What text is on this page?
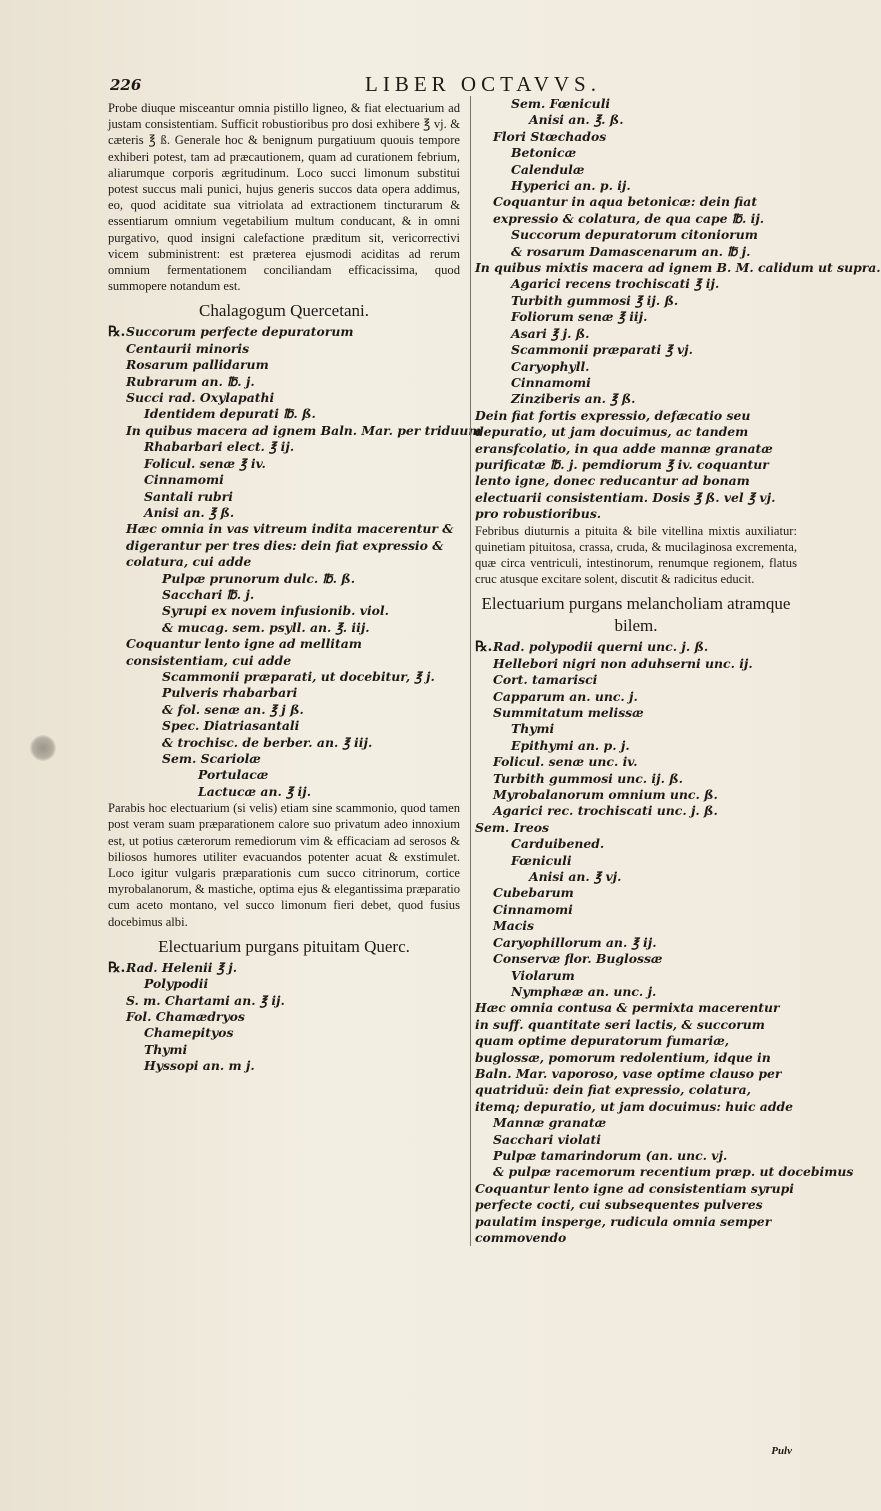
226	LIBER OCTAVVS.
Probe diuque misceantur omnia pistillo ligneo, & fiat electuarium ad justam consistentiam. Sufficit robustioribus pro dosi exhibere ℥ vj. & cæteris ℥ ß. Generale hoc & benignum purgatiuum quouis tempore exhiberi potest, tam ad præcautionem, quam ad curationem febrium, aliarumque corporis ægritudinum. Loco succi limonum substitui potest succus mali punici, hujus generis succos data opera addimus, eo, quod aciditate sua vitriolata ad extractionem tincturarum & essentiarum omnium vegetabilium multum conducant, & in omni purgativo, quod insigni calefactione præditum sit, vericorrectivi vicem subministrent: est præterea ejusmodi aciditas ad rerum omnium fermentationem conciliandam efficacissima, quod summopere notandum est.
Chalagogum Quercetani.
℞.Succorum perfecte depuratorum
Centaurii minoris
Rosarum pallidarum
Rubrarum an. ℔. j.
Succi rad. Oxylapathi
Identidem depurati ℔. ß.
In quibus macera ad ignem Baln. Mar. per triduum
Rhabarbari elect. ℥ ij.
Folicul. senæ ℥ iv.
Cinnamomi
Santali rubri
Anisi an. ℥ ß.
Hæc omnia in vas vitreum indita macerentur & digerantur per tres dies: dein fiat expressio & colatura, cui adde
Pulpæ prunorum dulc. ℔. ß.
Sacchari ℔. j.
Syrupi ex novem infusionib. viol.
& mucag. sem. psyll. an. ℥. iij.
Coquantur lento igne ad mellitam consistentiam, cui adde
Scammonii præparati, ut docebitur, ℥ j.
Pulveris rhabarbari
& fol. senæ an. ℥ j ß.
Spec. Diatriasantali
& trochisc. de berber. an. ℥ iij.
Sem. Scariolæ
Portulacæ
Lactucæ an. ℥ ij.
Parabis hoc electuarium (si velis) etiam sine scammonio, quod tamen post veram suam præparationem calore suo privatum adeo innoxium est, ut potius cæterorum remediorum vim & efficaciam ad serosos & biliosos humores utiliter evacuandos potenter acuat & exstimulet. Loco igitur vulgaris præparationis cum succo citrinorum, cortice myrobalanorum, & mastiche, optima ejus & elegantissima præparatio cum aceto montano, vel succo limonum fieri debet, quod fusius docebimus albi.
Electuarium purgans pituitam Querc.
℞.Rad. Helenii ℥ j.
Polypodii
S. m. Chartami an. ℥ ij.
Fol. Chamædryos
Chamepityos
Thymi
Hyssopi an. m j.
Sem. Fœniculi
Anisi an. ℥. ß.
Flori Stœchados
Betonicæ
Calendulæ
Hyperici an. p. ij.
Coquantur in aqua betonicæ: dein fiat expressio & colatura, de qua cape ℔. ij.
Succorum depuratorum citoniorum
& rosarum Damascenarum an. ℔ j.
In quibus mixtis macera ad ignem B. M. calidum ut supra.
Agarici recens trochiscati ℥ ij.
Turbith gummosi ℥ ij. ß.
Foliorum senæ ℥ iij.
Asari ℥ j. ß.
Scammonii præparati ℥ vj.
Caryophyll.
Cinnamomi
Zinziberis an. ℥ ß.
Dein fiat fortis expressio, defæcatio seu depuratio, ut jam docuimus, ac tandem eransfcolatio, in qua adde mannæ granatæ purificatæ ℔. j. pemdiorum ℥ iv. coquantur lento igne, donec reducantur ad bonam electuarii consistentiam. Dosis ℥ ß. vel ℥ vj. pro robustioribus.
Febribus diuturnis a pituita & bile vitellina mixtis auxiliatur: quinetiam pituitosa, crassa, cruda, & mucilaginosa excrementa, quæ circa ventriculi, intestinorum, renumque regionem, flatus cruc atusque excitare solent, discutit & radicitus educit.
Electuarium purgans melancholiam atramque bilem.
℞.Rad. polypodii querni unc. j. ß.
Hellebori nigri non aduhserni unc. ij.
Cort. tamarisci
Capparum an. unc. j.
Summitatum melissæ
Thymi
Epithymi an. p. j.
Folicul. senæ unc. iv.
Turbith gummosi unc. ij. ß.
Myrobalanorum omnium unc. ß.
Agarici rec. trochiscati unc. j. ß.
Sem. Ireos
Carduibened.
Fœniculi
Anisi an. ℥ vj.
Cubebarum
Cinnamomi
Macis
Caryophillorum an. ℥ ij.
Conservæ flor. Buglossæ
Violarum
Nymphææ an. unc. j.
Hæc omnia contusa & permixta macerentur in suff. quantitate seri lactis, & succorum quam optime depuratorum fumariæ, buglossæ, pomorum redolentium, idque in Baln. Mar. vaporoso, vase optime clauso per quatriduū: dein fiat expressio, colatura, itemq; depuratio, ut jam docuimus: huic adde
Mannæ granatæ
Sacchari violati
Pulpæ tamarindorum (an. unc. vj.
& pulpæ racemorum recentium præp. ut docebimus
Coquantur lento igne ad consistentiam syrupi perfecte cocti, cui subsequentes pulveres paulatim insperge, rudicula omnia semper commovendo
Pulv
